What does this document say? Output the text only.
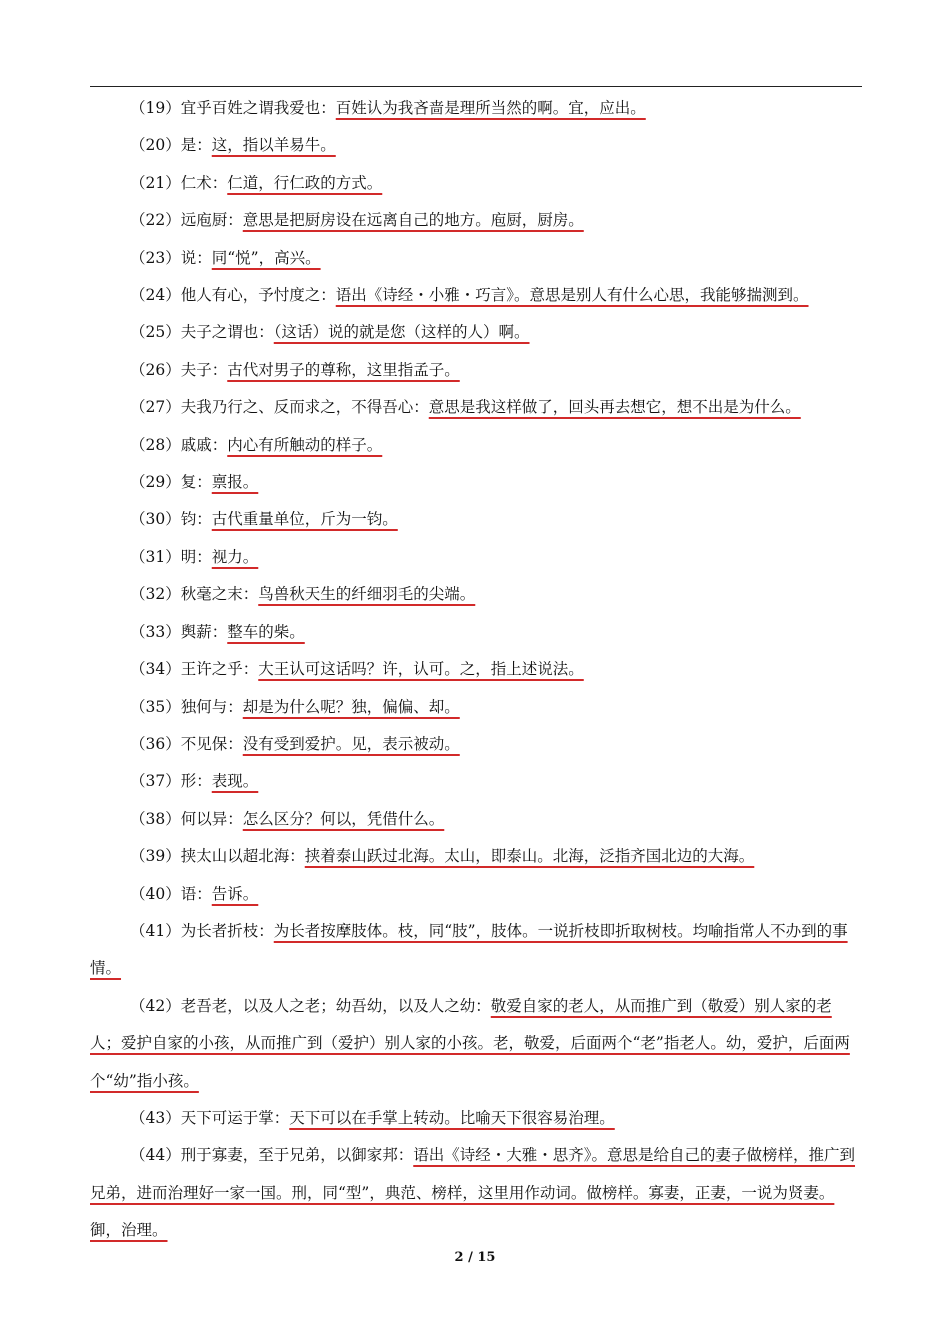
（19）宜乎百姓之谓我爱也：百姓认为我吝啬是理所当然的啊。宜，应出。

（20）是：这，指以羊易牛。

（21）仁术：仁道，行仁政的方式。

（22）远庖厨：意思是把厨房设在远离自己的地方。庖厨，厨房。

（23）说：同“悦”，高兴。

（24）他人有心，予忖度之：语出《诗经・小雅・巧言》。意思是别人有什么心思，我能够揣测到。

（25）夫子之谓也：（这话）说的就是您（这样的人）啊。

（26）夫子：古代对男子的尊称，这里指孟子。

（27）夫我乃行之、反而求之，不得吾心：意思是我这样做了，回头再去想它，想不出是为什么。

（28）戚戚：内心有所触动的样子。

（29）复：禀报。

（30）钧：古代重量单位，斤为一钧。

（31）明：视力。

（32）秋毫之末：鸟兽秋天生的纤细羽毛的尖端。

（33）舆薪：整车的柴。

（34）王许之乎：大王认可这话吗？许，认可。之，指上述说法。

（35）独何与：却是为什么呢？独，偏偏、却。

（36）不见保：没有受到爱护。见，表示被动。

（37）形：表现。

（38）何以异：怎么区分？何以，凭借什么。

（39）挟太山以超北海：挟着泰山跃过北海。太山，即泰山。北海，泛指齐国北边的大海。

（40）语：告诉。

（41）为长者折枝：为长者按摩肢体。枝，同“肢”，肢体。一说折枝即折取树枝。均喻指常人不办到的事情。

（42）老吾老，以及人之老；幼吾幼，以及人之幼：敬爱自家的老人，从而推广到（敬爱）别人家的老人；爱护自家的小孩，从而推广到（爱护）别人家的小孩。老，敬爱，后面两个“老”指老人。幼，爱护，后面两个“幼”指小孩。

（43）天下可运于掌：天下可以在手掌上转动。比喻天下很容易治理。

（44）刑于寡妻，至于兄弟，以御家邦：语出《诗经・大雅・思齐》。意思是给自己的妻子做榜样，推广到兄弟，进而治理好一家一国。刑，同“型”，典范、榜样，这里用作动词。做榜样。寡妻，正妻，一说为贤妻。御，治理。

2 / 15
